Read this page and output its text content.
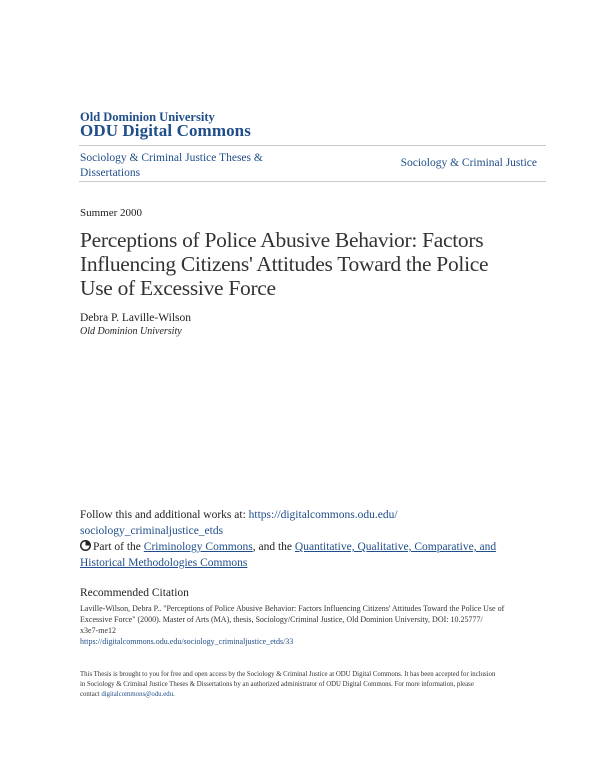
Old Dominion University
ODU Digital Commons
Sociology & Criminal Justice Theses &
Dissertations
Sociology & Criminal Justice
Summer 2000
Perceptions of Police Abusive Behavior: Factors
Influencing Citizens' Attitudes Toward the Police
Use of Excessive Force
Debra P. Laville-Wilson
Old Dominion University
Follow this and additional works at: https://digitalcommons.odu.edu/
sociology_criminaljustice_etds
Part of the Criminology Commons, and the Quantitative, Qualitative, Comparative, and
Historical Methodologies Commons
Recommended Citation
Laville-Wilson, Debra P.. "Perceptions of Police Abusive Behavior: Factors Influencing Citizens' Attitudes Toward the Police Use of
Excessive Force" (2000). Master of Arts (MA), thesis, Sociology/Criminal Justice, Old Dominion University, DOI: 10.25777/
x3e7-me12
https://digitalcommons.odu.edu/sociology_criminaljustice_etds/33
This Thesis is brought to you for free and open access by the Sociology & Criminal Justice at ODU Digital Commons. It has been accepted for inclusion
in Sociology & Criminal Justice Theses & Dissertations by an authorized administrator of ODU Digital Commons. For more information, please
contact digitalcommons@odu.edu.
